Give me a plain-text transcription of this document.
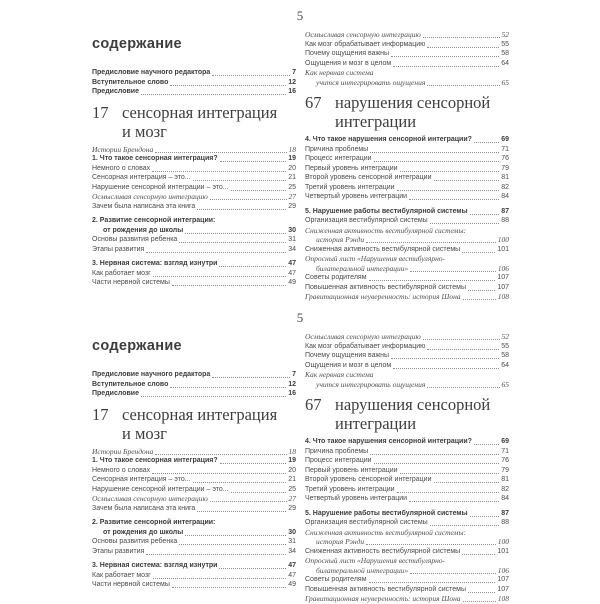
5
содержание
Предисловие научного редактора	7
Вступительное слово	12
Предисловие	16
17 сенсорная интеграция
и мозг
Истории Брендона	18
1. Что такое сенсорная интеграция?	19
Немного о словах	20
Сенсорная интеграция – это...	21
Нарушение сенсорной интеграции – это...	25
Осмысливая сенсорную интеграцию	27
Зачем была написана эта книга	29
2. Развитие сенсорной интеграции:
от рождения до школы	30
Основы развития ребенка	31
Этапы развития	34
3. Нервная система: взгляд изнутри	47
Как работает мозг	47
Части нервной системы	49
Осмысливая сенсорную интеграцию	52
Как мозг обрабатывает информацию	55
Почему ощущения важны	58
Ощущения и мозг в целом	64
Как нервная система
учится интегрировать ощущения	65
67 нарушения сенсорной
интеграции
4. Что такое нарушения сенсорной интеграции?	69
Причина проблемы	71
Процесс интеграции	76
Первый уровень интеграции	79
Второй уровень сенсорной интеграции	81
Третий уровень интеграции	82
Четвертый уровень интеграции	84
5. Нарушение работы вестибулярной системы	87
Организация вестибулярной системы	88
Сниженная активность вестибулярной системы:
история Рэнди	100
Сниженная активность вестибулярной системы	101
Опросный лист «Нарушения вестибулярно-
билатеральной интеграции»	106
Советы родителям	107
Повышенная активность вестибулярной системы	107
Гравитационная неуверенность: история Шона	108
5
содержание
Предисловие научного редактора	7
Вступительное слово	12
Предисловие	16
17 сенсорная интеграция
и мозг
Истории Брендона	18
1. Что такое сенсорная интеграция?	19
Немного о словах	20
Сенсорная интеграция – это...	21
Нарушение сенсорной интеграции – это...	25
Осмысливая сенсорную интеграцию	27
Зачем была написана эта книга	29
2. Развитие сенсорной интеграции:
от рождения до школы	30
Основы развития ребенка	31
Этапы развития	34
3. Нервная система: взгляд изнутри	47
Как работает мозг	47
Части нервной системы	49
Осмысливая сенсорную интеграцию	52
Как мозг обрабатывает информацию	55
Почему ощущения важны	58
Ощущения и мозг в целом	64
Как нервная система
учится интегрировать ощущения	65
67 нарушения сенсорной
интеграции
4. Что такое нарушения сенсорной интеграции?	69
Причина проблемы	71
Процесс интеграции	76
Первый уровень интеграции	79
Второй уровень сенсорной интеграции	81
Третий уровень интеграции	82
Четвертый уровень интеграции	84
5. Нарушение работы вестибулярной системы	87
Организация вестибулярной системы	88
Сниженная активность вестибулярной системы:
история Рэнди	100
Сниженная активность вестибулярной системы	101
Опросный лист «Нарушения вестибулярно-
билатеральной интеграции»	106
Советы родителям	107
Повышенная активность вестибулярной системы	107
Гравитационная неуверенность: история Шона	108
